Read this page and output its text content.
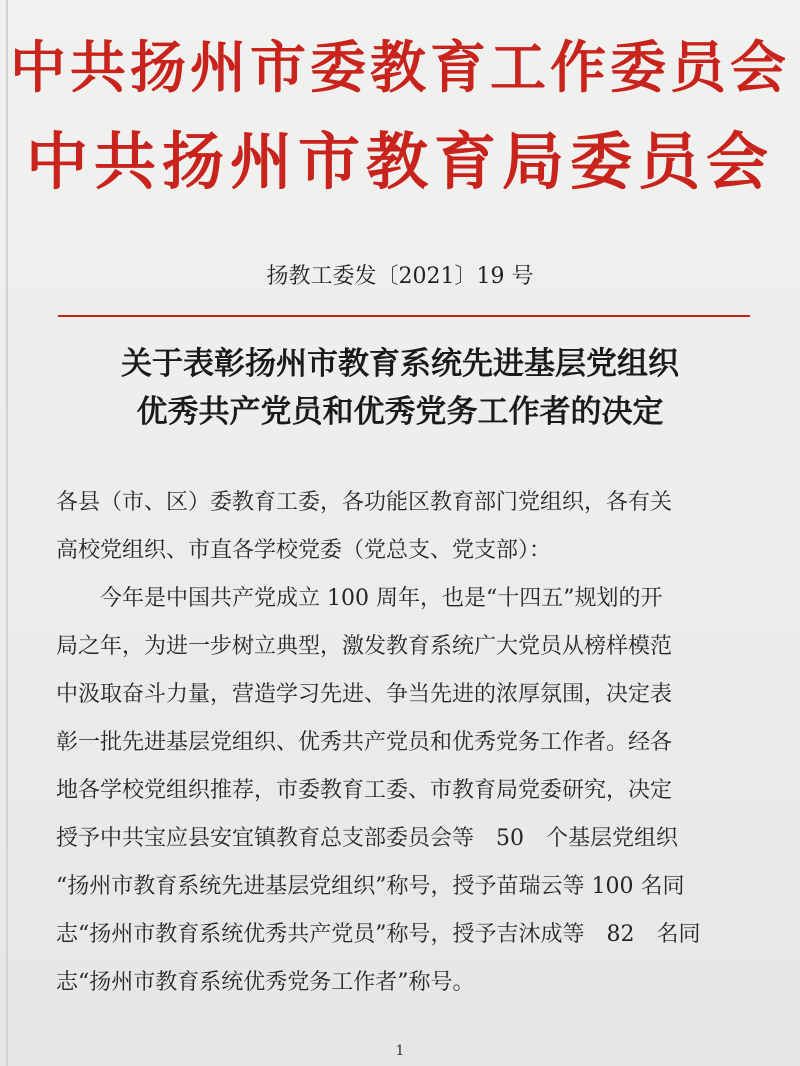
中共扬州市委教育工作委员会
中共扬州市教育局委员会
扬教工委发〔2021〕19 号
关于表彰扬州市教育系统先进基层党组织
优秀共产党员和优秀党务工作者的决定
各县（市、区）委教育工委，各功能区教育部门党组织，各有关
高校党组织、市直各学校党委（党总支、党支部）：
　　今年是中国共产党成立 100 周年，也是“十四五”规划的开
局之年，为进一步树立典型，激发教育系统广大党员从榜样模范
中汲取奋斗力量，营造学习先进、争当先进的浓厚氛围，决定表
彰一批先进基层党组织、优秀共产党员和优秀党务工作者。经各
地各学校党组织推荐，市委教育工委、市教育局党委研究，决定
授予中共宝应县安宜镇教育总支部委员会等　50　个基层党组织
“扬州市教育系统先进基层党组织”称号，授予苗瑞云等 100 名同
志“扬州市教育系统优秀共产党员”称号，授予吉沐成等　82　名同
志“扬州市教育系统优秀党务工作者”称号。
1
